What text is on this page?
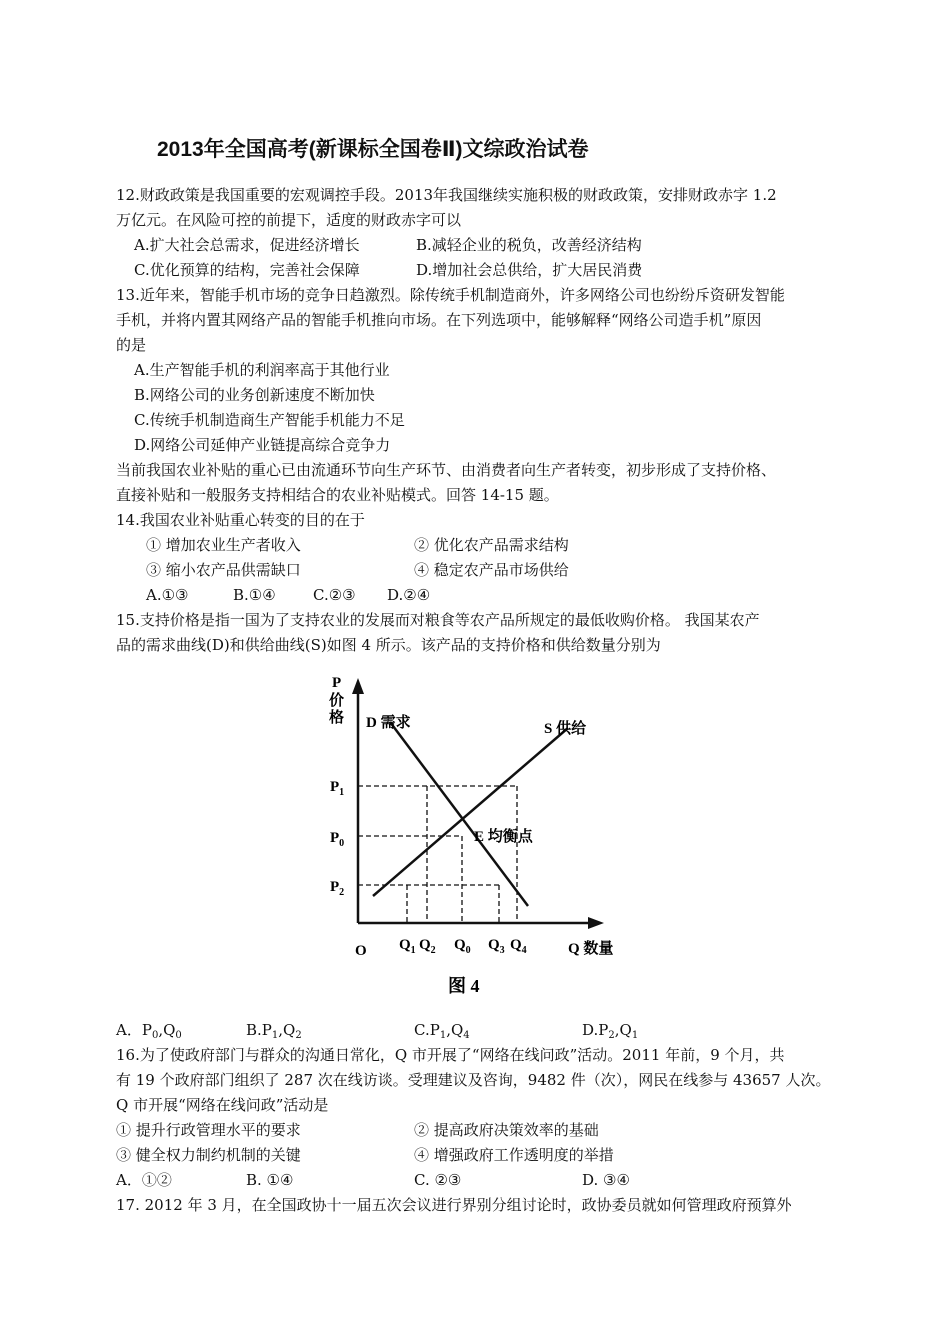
2013年全国高考(新课标全国卷Ⅱ)文综政治试卷
12.财政政策是我国重要的宏观调控手段。2013年我国继续实施积极的财政政策，安排财政赤字 1.2
万亿元。在风险可控的前提下，适度的财政赤字可以
A.扩大社会总需求，促进经济增长	B.减轻企业的税负，改善经济结构
C.优化预算的结构，完善社会保障	D.增加社会总供给，扩大居民消费
13.近年来，智能手机市场的竞争日趋激烈。除传统手机制造商外，许多网络公司也纷纷斥资研发智能
手机，并将内置其网络产品的智能手机推向市场。在下列选项中，能够解释“网络公司造手机”原因
的是
A.生产智能手机的利润率高于其他行业
B.网络公司的业务创新速度不断加快
C.传统手机制造商生产智能手机能力不足
D.网络公司延伸产业链提高综合竞争力
当前我国农业补贴的重心已由流通环节向生产环节、由消费者向生产者转变，初步形成了支持价格、
直接补贴和一般服务支持相结合的农业补贴模式。回答 14-15 题。
14.我国农业补贴重心转变的目的在于
① 增加农业生产者收入	② 优化农产品需求结构
③ 缩小农产品供需缺口	④ 稳定农产品市场供给
A.①③	B.①④	C.②③	D.②④
15.支持价格是指一国为了支持农业的发展而对粮食等农产品所规定的最低收购价格。 我国某农产
品的需求曲线(D)和供给曲线(S)如图 4 所示。该产品的支持价格和供给数量分别为
P
价
格
O	Q 数量
D 需求	S 供给
E 均衡点
$P_1$
$P_0$
$P_2$
$Q_1$ $Q_2$ $Q_0$ $Q_3$ $Q_4$
图 4
A．$P_0,Q_0$	$B.P_1,Q_2$	$C.P_1,Q_4$	$D.P_2,Q_1$
16.为了使政府部门与群众的沟通日常化，Q 市开展了“网络在线问政”活动。2011 年前，9 个月，共
有 19 个政府部门组织了 287 次在线访谈。受理建议及咨询，9482 件（次），网民在线参与 43657 人次。
Q 市开展“网络在线问政”活动是
① 提升行政管理水平的要求	② 提高政府决策效率的基础
③ 健全权力制约机制的关键	④ 增强政府工作透明度的举措
A．①②	B. ①④	C. ②③	D. ③④
17. 2012 年 3 月，在全国政协十一届五次会议进行界别分组讨论时，政协委员就如何管理政府预算外
